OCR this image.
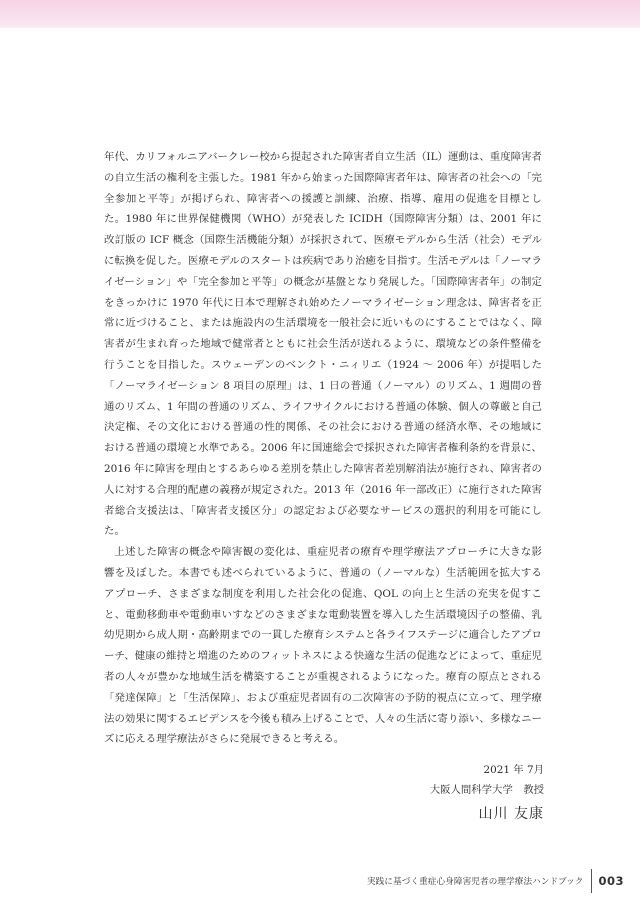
年代、カリフォルニアバークレー校から提起された障害者自立生活（IL）運動は、重度障害者の自立生活の権利を主張した。1981 年から始まった国際障害者年は、障害者の社会への「完全参加と平等」が掲げられ、障害者への援護と訓練、治療、指導、雇用の促進を目標とした。1980 年に世界保健機関（WHO）が発表した ICIDH（国際障害分類）は、2001 年に改訂版の ICF 概念（国際生活機能分類）が採択されて、医療モデルから生活（社会）モデルに転換を促した。医療モデルのスタートは疾病であり治癒を目指す。生活モデルは「ノーマライゼーション」や「完全参加と平等」の概念が基盤となり発展した。「国際障害者年」の制定をきっかけに 1970 年代に日本で理解され始めたノーマライゼーション理念は、障害者を正常に近づけること、または施設内の生活環境を一般社会に近いものにすることではなく、障害者が生まれ育った地域で健常者とともに社会生活が送れるように、環境などの条件整備を行うことを目指した。スウェーデンのベンクト・ニィリエ（1924 〜 2006 年）が提唱した「ノーマライゼーション 8 項目の原理」は、1 日の普通（ノーマル）のリズム、1 週間の普通のリズム、1 年間の普通のリズム、ライフサイクルにおける普通の体験、個人の尊厳と自己決定権、その文化における普通の性的関係、その社会における普通の経済水準、その地域における普通の環境と水準である。2006 年に国連総会で採択された障害者権利条約を背景に、2016 年に障害を理由とするあらゆる差別を禁止した障害者差別解消法が施行され、障害者の人に対する合理的配慮の義務が規定された。2013 年（2016 年一部改正）に施行された障害者総合支援法は、「障害者支援区分」の認定および必要なサービスの選択的利用を可能にした。

上述した障害の概念や障害観の変化は、重症児者の療育や理学療法アプローチに大きな影響を及ぼした。本書でも述べられているように、普通の（ノーマルな）生活範囲を拡大するアプローチ、さまざまな制度を利用した社会化の促進、QOL の向上と生活の充実を促すこと、電動移動車や電動車いすなどのさまざまな電動装置を導入した生活環境因子の整備、乳幼児期から成人期・高齢期までの一貫した療育システムと各ライフステージに適合したアプローチ、健康の維持と増進のためのフィットネスによる快適な生活の促進などによって、重症児者の人々が豊かな地域生活を構築することが重視されるようになった。療育の原点とされる「発達保障」と「生活保障」、および重症児者固有の二次障害の予防的視点に立って、理学療法の効果に関するエビデンスを今後も積み上げることで、人々の生活に寄り添い、多様なニーズに応える理学療法がさらに発展できると考える。

2021 年 7月
大阪人間科学大学　教授
山川 友康
実践に基づく重症心身障害児者の理学療法ハンドブック 003
